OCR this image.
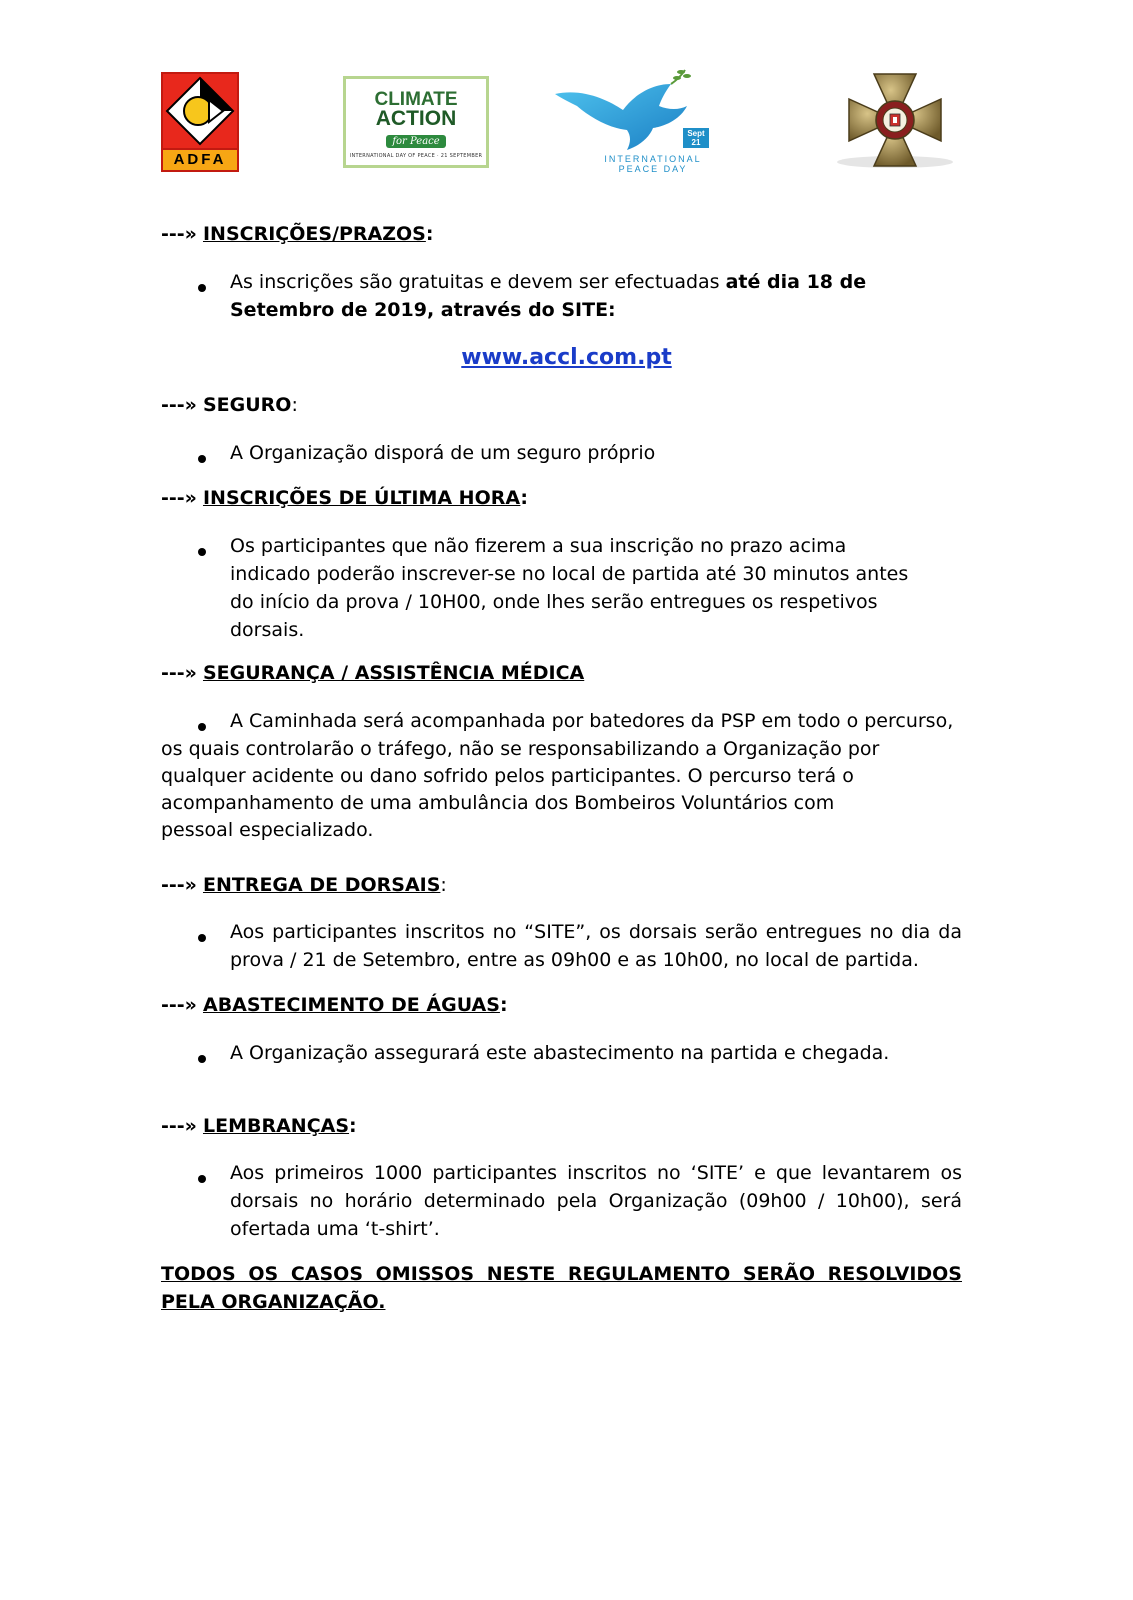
ADFA
CLIMATE
ACTION
for Peace
INTERNATIONAL DAY OF PEACE · 21 SEPTEMBER
Sept
21
INTERNATIONAL
PEACE DAY
---» INSCRIÇÕES/PRAZOS:
As inscrições são gratuitas e devem ser efectuadas até dia 18 de Setembro de 2019, através do SITE:
www.accl.com.pt
---» SEGURO:
A Organização disporá de um seguro próprio
---» INSCRIÇÕES DE ÚLTIMA HORA:
Os participantes que não fizerem a sua inscrição no prazo acima indicado poderão inscrever-se no local de partida até 30 minutos antes do início da prova / 10H00, onde lhes serão entregues os respetivos dorsais.
---» SEGURANÇA / ASSISTÊNCIA MÉDICA
A Caminhada será acompanhada por batedores da PSP em todo o percurso,
os quais controlarão o tráfego, não se responsabilizando a Organização por
qualquer acidente ou dano sofrido pelos participantes. O percurso terá o
acompanhamento de uma ambulância dos Bombeiros Voluntários com
pessoal especializado.
---» ENTREGA DE DORSAIS:
Aos participantes inscritos no “SITE”, os dorsais serão entregues no dia da prova / 21 de Setembro, entre as 09h00 e as 10h00, no local de partida.
---» ABASTECIMENTO DE ÁGUAS:
A Organização assegurará este abastecimento na partida e chegada.
---» LEMBRANÇAS:
Aos primeiros 1000 participantes inscritos no ‘SITE’ e que levantarem os dorsais no horário determinado pela Organização (09h00 / 10h00), será ofertada uma ‘t-shirt’.
TODOS OS CASOS OMISSOS NESTE REGULAMENTO SERÃO RESOLVIDOS PELA ORGANIZAÇÃO.
